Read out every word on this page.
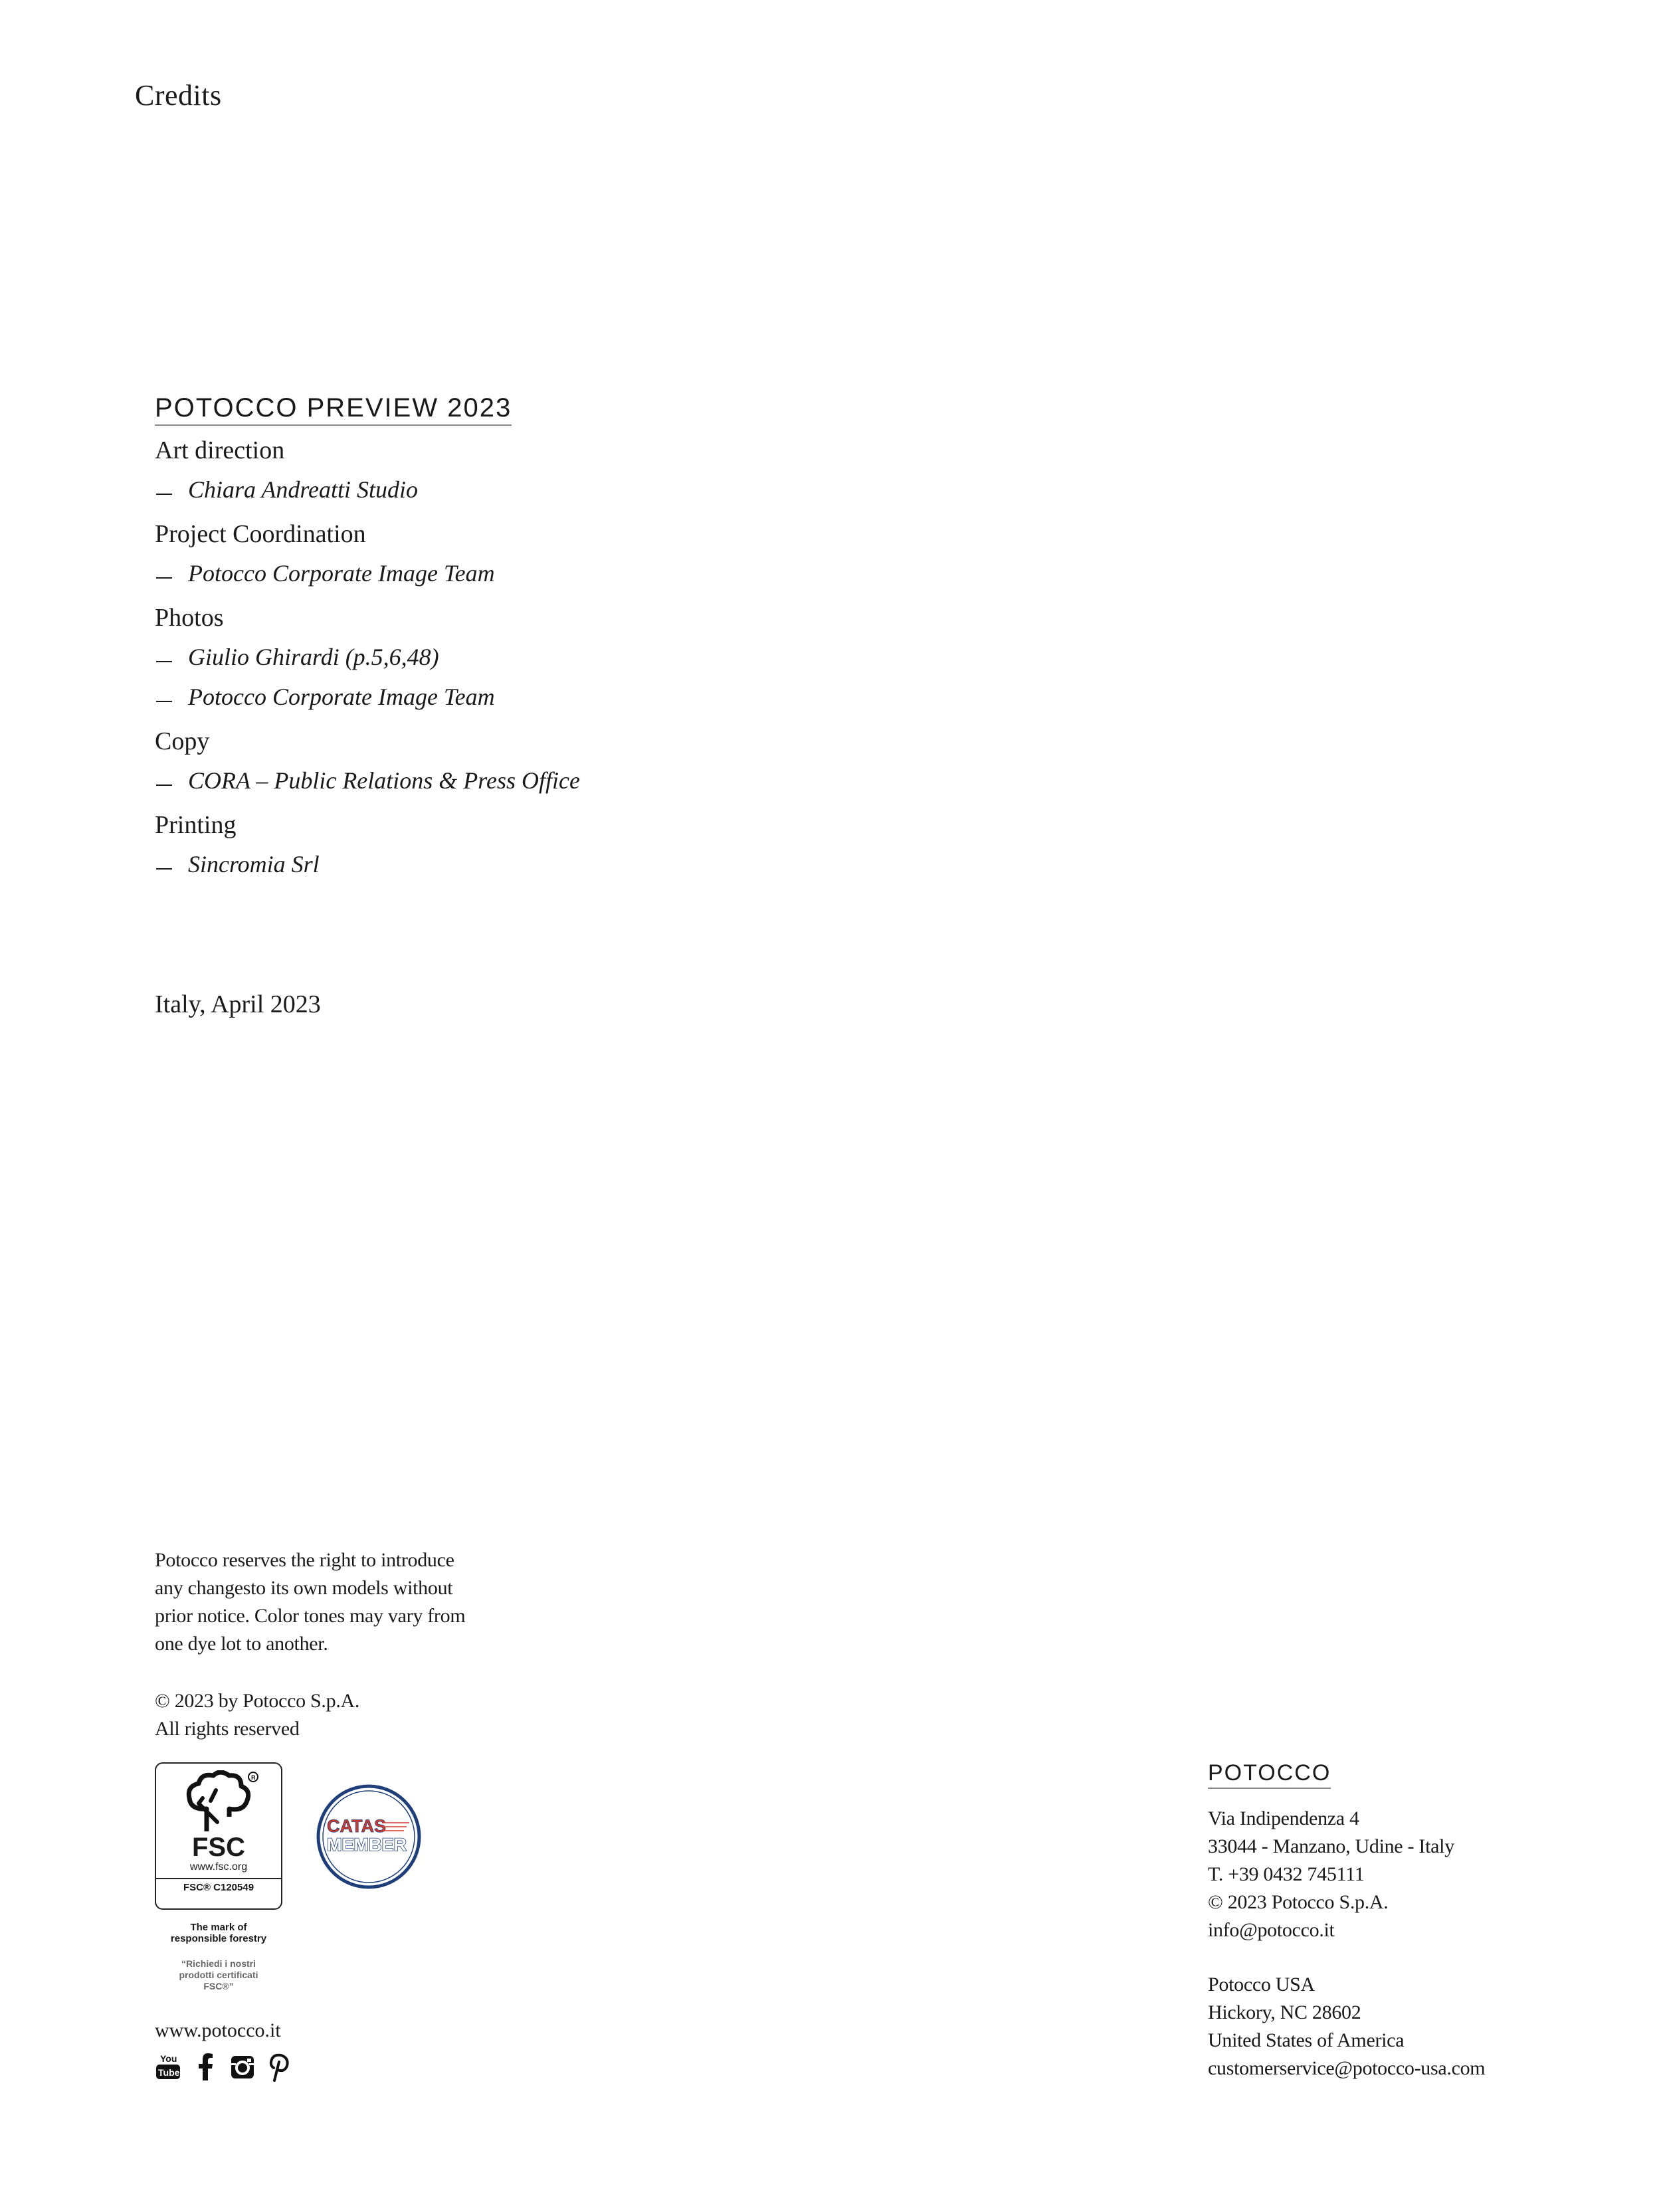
Credits
POTOCCO PREVIEW 2023
Art direction
Chiara Andreatti Studio
Project Coordination
Potocco Corporate Image Team
Photos
Giulio Ghirardi (p.5,6,48)
Potocco Corporate Image Team
Copy
CORA – Public Relations & Press Office
Printing
Sincromia Srl
Italy, April 2023
Potocco reserves the right to introduce
any changesto its own models without
prior notice. Color tones may vary from
one dye lot to another.
© 2023 by Potocco S.p.A.
All rights reserved
R
FSC
www.fsc.org
FSC® C120549
The mark of
responsible forestry
“Richiedi i nostri
prodotti certificati
FSC®”
CATAS
MEMBER
www.potocco.it
You
Tube
POTOCCO
Via Indipendenza 4
33044 - Manzano, Udine - Italy
T. +39 0432 745111
© 2023 Potocco S.p.A.
info@potocco.it
Potocco USA
Hickory, NC 28602
United States of America
customerservice@potocco-usa.com
